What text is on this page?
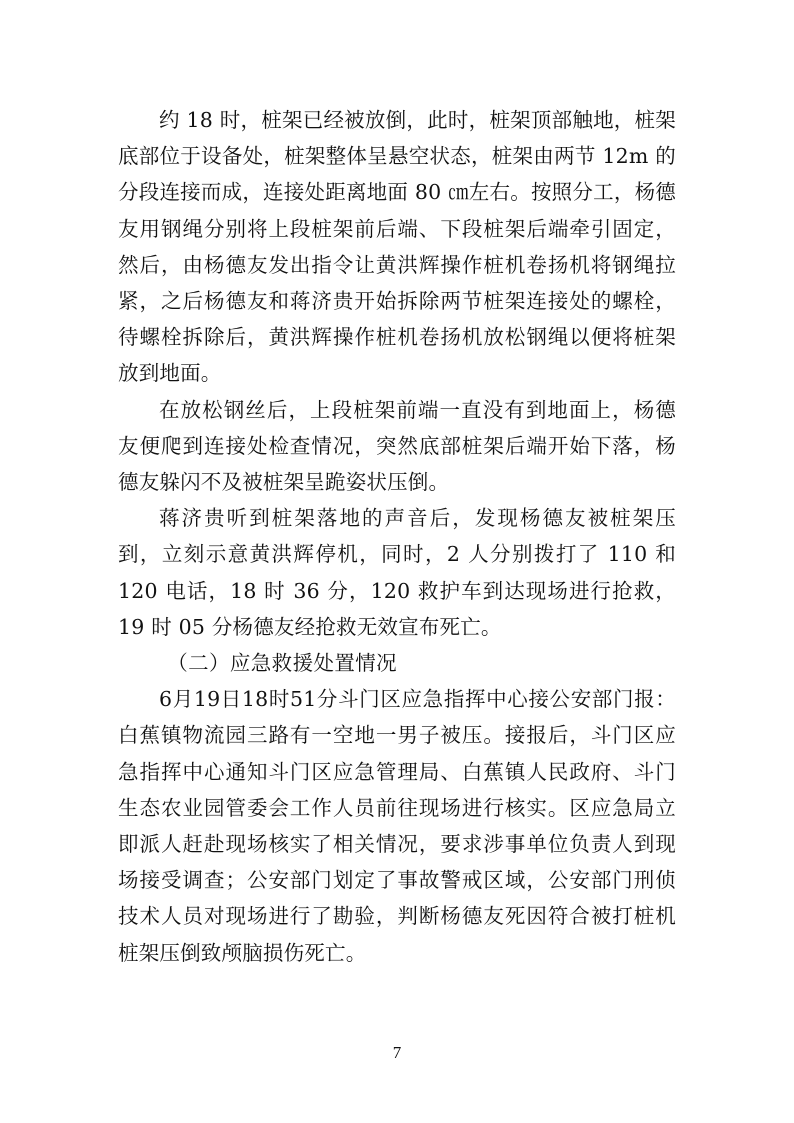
约 18 时，桩架已经被放倒，此时，桩架顶部触地，桩架底部位于设备处，桩架整体呈悬空状态，桩架由两节 12m 的分段连接而成，连接处距离地面 80 ㎝左右。按照分工，杨德友用钢绳分别将上段桩架前后端、下段桩架后端牵引固定，然后，由杨德友发出指令让黄洪辉操作桩机卷扬机将钢绳拉紧，之后杨德友和蒋济贵开始拆除两节桩架连接处的螺栓，待螺栓拆除后，黄洪辉操作桩机卷扬机放松钢绳以便将桩架放到地面。

在放松钢丝后，上段桩架前端一直没有到地面上，杨德友便爬到连接处检查情况，突然底部桩架后端开始下落，杨德友躲闪不及被桩架呈跪姿状压倒。

蒋济贵听到桩架落地的声音后，发现杨德友被桩架压到，立刻示意黄洪辉停机，同时，2 人分别拨打了 110 和 120 电话，18 时 36 分，120 救护车到达现场进行抢救，19 时 05 分杨德友经抢救无效宣布死亡。

（二）应急救援处置情况

6月19日18时51分斗门区应急指挥中心接公安部门报：白蕉镇物流园三路有一空地一男子被压。接报后，斗门区应急指挥中心通知斗门区应急管理局、白蕉镇人民政府、斗门生态农业园管委会工作人员前往现场进行核实。区应急局立即派人赶赴现场核实了相关情况，要求涉事单位负责人到现场接受调查；公安部门划定了事故警戒区域，公安部门刑侦技术人员对现场进行了勘验，判断杨德友死因符合被打桩机桩架压倒致颅脑损伤死亡。

7
